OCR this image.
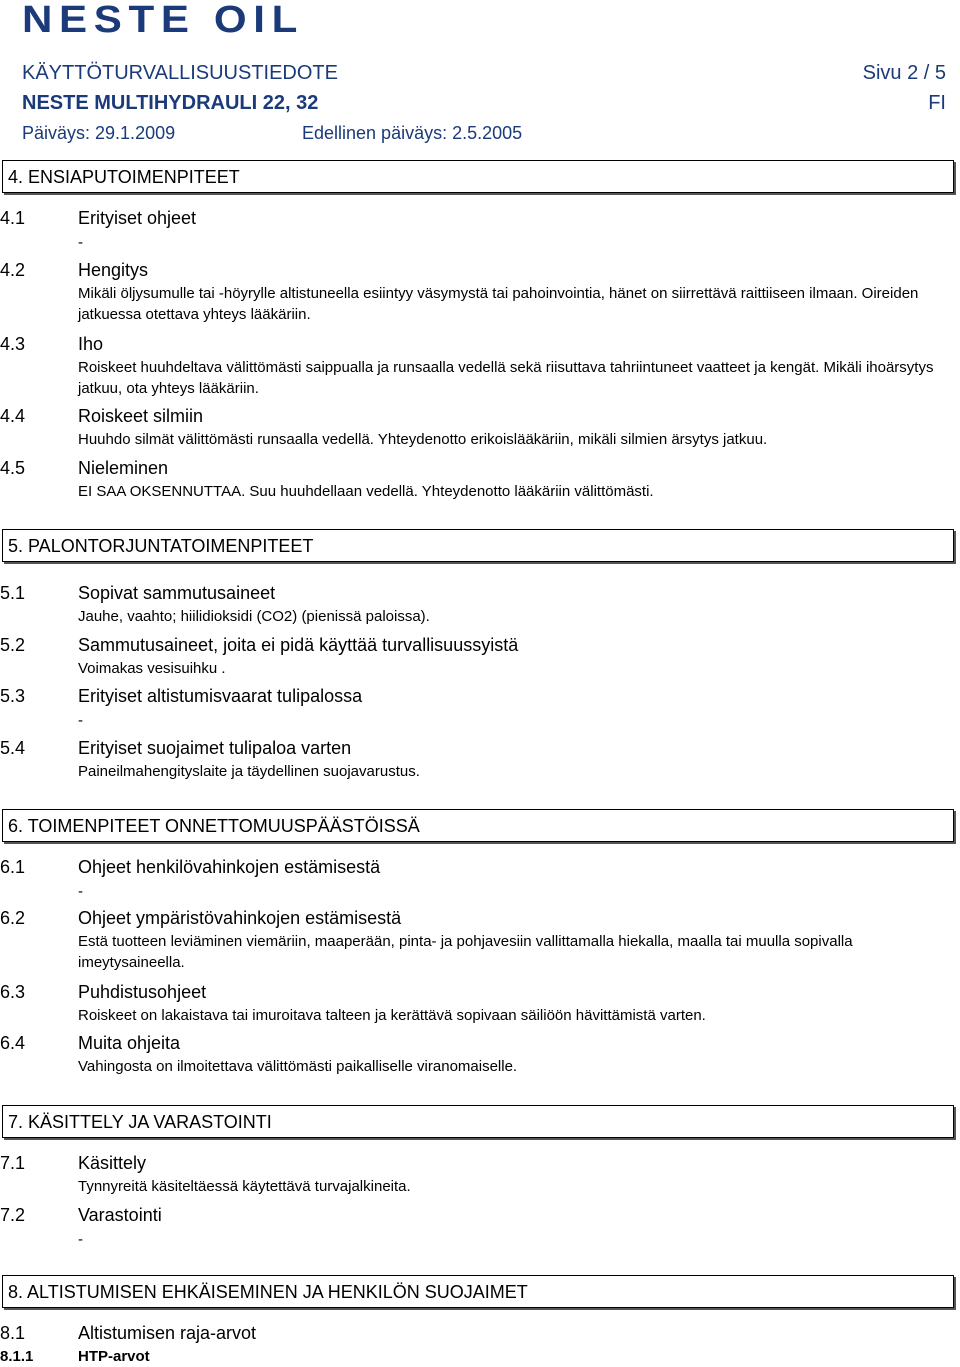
NESTE OIL
KÄYTTÖTURVALLISUUSTIEDOTE	Sivu 2 / 5
NESTE MULTIHYDRAULI 22, 32	FI
Päiväys: 29.1.2009	Edellinen päiväys: 2.5.2005
4. ENSIAPUTOIMENPITEET
4.1	Erityiset ohjeet
-
4.2	Hengitys
Mikäli öljysumulle tai -höyrylle altistuneella esiintyy väsymystä tai pahoinvointia, hänet on siirrettävä raittiiseen ilmaan. Oireiden jatkuessa otettava yhteys lääkäriin.
4.3	Iho
Roiskeet huuhdeltava välittömästi saippualla ja runsaalla vedellä sekä riisuttava tahriintuneet vaatteet ja kengät. Mikäli ihoärsytys jatkuu, ota yhteys lääkäriin.
4.4	Roiskeet silmiin
Huuhdo silmät välittömästi runsaalla vedellä. Yhteydenotto erikoislääkäriin, mikäli silmien ärsytys jatkuu.
4.5	Nieleminen
EI SAA OKSENNUTTAA. Suu huuhdellaan vedellä. Yhteydenotto lääkäriin välittömästi.
5. PALONTORJUNTATOIMENPITEET
5.1	Sopivat sammutusaineet
Jauhe, vaahto; hiilidioksidi (CO2) (pienissä paloissa).
5.2	Sammutusaineet, joita ei pidä käyttää turvallisuussyistä
Voimakas vesisuihku .
5.3	Erityiset altistumisvaarat tulipalossa
-
5.4	Erityiset suojaimet tulipaloa varten
Paineilmahengityslaite ja täydellinen suojavarustus.
6. TOIMENPITEET ONNETTOMUUSPÄÄSTÖISSÄ
6.1	Ohjeet henkilövahinkojen estämisestä
-
6.2	Ohjeet ympäristövahinkojen estämisestä
Estä tuotteen leviäminen viemäriin, maaperään, pinta- ja pohjavesiin vallittamalla hiekalla, maalla tai muulla sopivalla imeytysaineella.
6.3	Puhdistusohjeet
Roiskeet on lakaistava tai imuroitava talteen ja kerättävä sopivaan säiliöön hävittämistä varten.
6.4	Muita ohjeita
Vahingosta on ilmoitettava välittömästi paikalliselle viranomaiselle.
7. KÄSITTELY JA VARASTOINTI
7.1	Käsittely
Tynnyreitä käsiteltäessä käytettävä turvajalkineita.
7.2	Varastointi
-
8. ALTISTUMISEN EHKÄISEMINEN JA HENKILÖN SUOJAIMET
8.1	Altistumisen raja-arvot
8.1.1	HTP-arvot
